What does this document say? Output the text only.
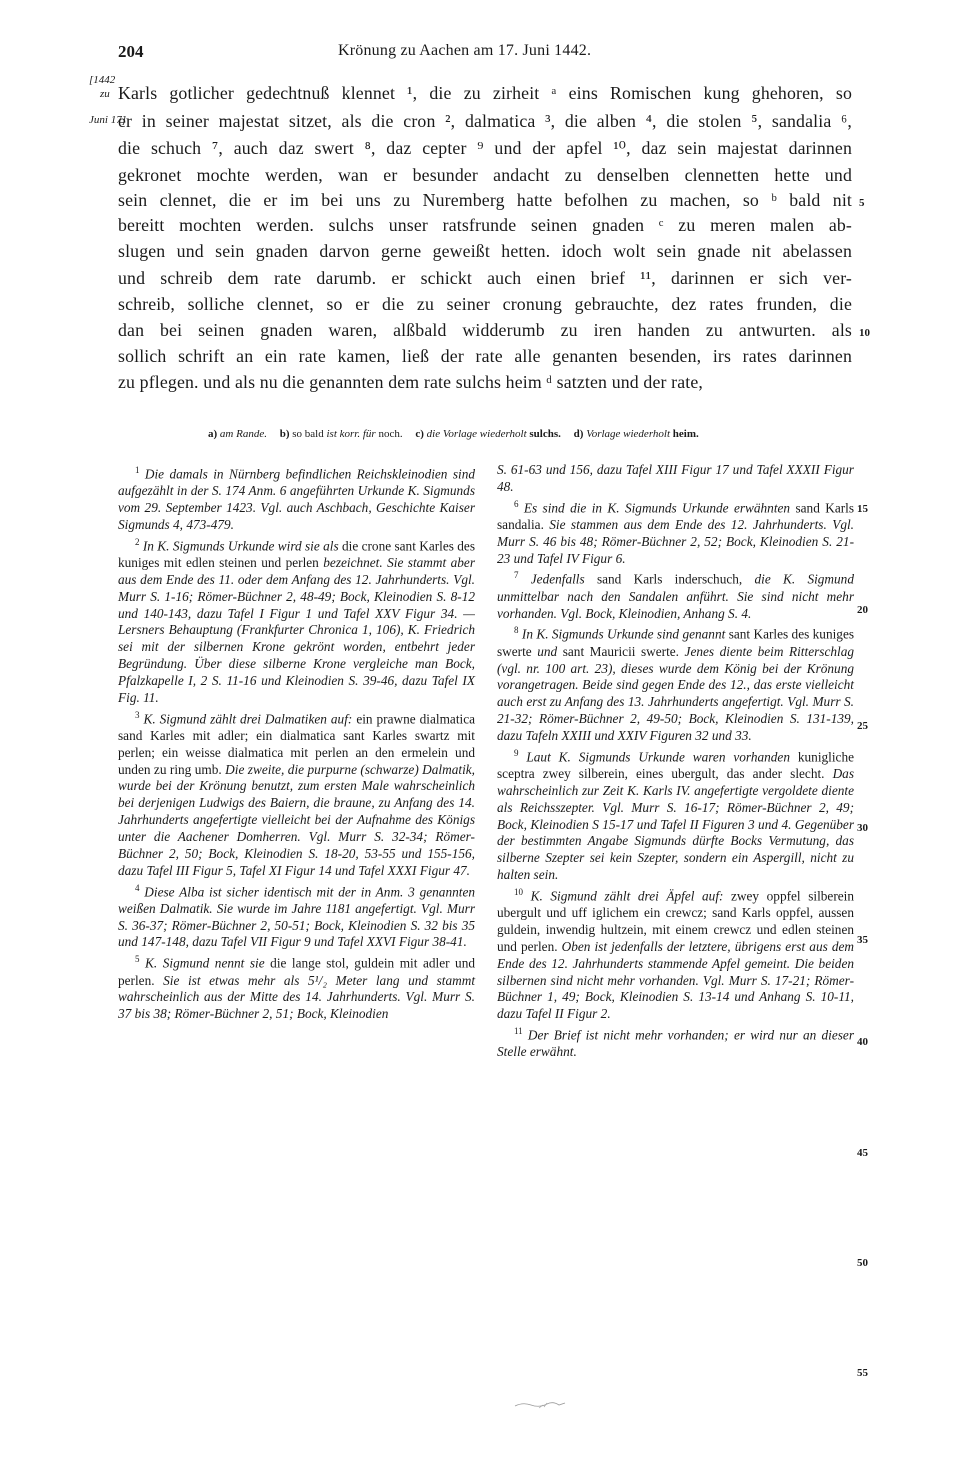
204	Krönung zu Aachen am 17. Juni 1442.
[1442
zu
Juni 17]
Karls gotlicher gedechtnuß klennet ¹, die zu zirheit ᵃ eins Romischen kung ghehoren, so
er in seiner majestat sitzet, als die cron ², dalmatica ³, die alben ⁴, die stolen ⁵, sandalia ⁶,
die schuch ⁷, auch daz swert ⁸, daz cepter ⁹ und der apfel ¹⁰, daz sein majestat darinnen
gekronet mochte werden, wan er besunder andacht zu denselben clennetten hette und
sein clennet, die er im bei uns zu Nuremberg hatte befolhen zu machen, so ᵇ bald nit
bereitt mochten werden. sulchs unser ratsfrunde seinen gnaden ᶜ zu meren malen ab-
slugen und sein gnaden darvon gerne geweißt hetten. idoch wolt sein gnade nit abelassen
und schreib dem rate darumb. er schickt auch einen brief ¹¹, darinnen er sich ver-
schreib, solliche clennet, so er die zu seiner cronung gebrauchte, dez rates frunden, die
dan bei seinen gnaden waren, alßbald widderumb zu iren handen zu antwurten. als
sollich schrift an ein rate kamen, ließ der rate alle genanten besenden, irs rates darinnen
zu pflegen. und als nu die genannten dem rate sulchs heim ᵈ satzten und der rate,
5
10
a) am Rande. b) so bald ist korr. für noch. c) die Vorlage wiederholt sulchs. d) Vorlage wiederholt heim.

$^1$ Die damals in Nürnberg befindlichen Reichskleinodien sind aufgezählt in der S. 174 Anm. 6 angeführten Urkunde K. Sigmunds vom 29. September 1423. Vgl. auch Aschbach, Geschichte Kaiser Sigmunds 4, 473-479.

$^2$ In K. Sigmunds Urkunde wird sie als die crone sant Karles des kuniges mit edlen steinen und perlen bezeichnet. Sie stammt aber aus dem Ende des 11. oder dem Anfang des 12. Jahrhunderts. Vgl. Murr S. 1-16; Römer-Büchner 2, 48-49; Bock, Kleinodien S. 8-12 und 140-143, dazu Tafel I Figur 1 und Tafel XXV Figur 34. — Lersners Behauptung (Frankfurter Chronica 1, 106), K. Friedrich sei mit der silbernen Krone gekrönt worden, entbehrt jeder Begründung. Über diese silberne Krone vergleiche man Bock, Pfalzkapelle I, 2 S. 11-16 und Kleinodien S. 39-46, dazu Tafel IX Fig. 11.

$^3$ K. Sigmund zählt drei Dalmatiken auf: ein prawne dialmatica sand Karles mit adler; ein dialmatica sant Karles swartz mit perlen; ein weisse dialmatica mit perlen an den ermelein und unden zu ring umb. Die zweite, die purpurne (schwarze) Dalmatik, wurde bei der Krönung benutzt, zum ersten Male wahrscheinlich bei derjenigen Ludwigs des Baiern, die braune, zu Anfang des 14. Jahrhunderts angefertigte vielleicht bei der Aufnahme des Königs unter die Aachener Domherren. Vgl. Murr S. 32-34; Römer-Büchner 2, 50; Bock, Kleinodien S. 18-20, 53-55 und 155-156, dazu Tafel III Figur 5, Tafel XI Figur 14 und Tafel XXXI Figur 47.

$^4$ Diese Alba ist sicher identisch mit der in Anm. 3 genannten weißen Dalmatik. Sie wurde im Jahre 1181 angefertigt. Vgl. Murr S. 36-37; Römer-Büchner 2, 50-51; Bock, Kleinodien S. 32 bis 35 und 147-148, dazu Tafel VII Figur 9 und Tafel XXVI Figur 38-41.

$^5$ K. Sigmund nennt sie die lange stol, guldein mit adler und perlen. Sie ist etwas mehr als 5¹/₂ Meter lang und stammt wahrscheinlich aus der Mitte des 14. Jahrhunderts. Vgl. Murr S. 37 bis 38; Römer-Büchner 2, 51; Bock, Kleinodien

S. 61-63 und 156, dazu Tafel XIII Figur 17 und Tafel XXXII Figur 48.

$^6$ Es sind die in K. Sigmunds Urkunde erwähnten sand Karls sandalia. Sie stammen aus dem Ende des 12. Jahrhunderts. Vgl. Murr S. 46 bis 48; Römer-Büchner 2, 52; Bock, Kleinodien S. 21-23 und Tafel IV Figur 6.

$^7$ Jedenfalls sand Karls inderschuch, die K. Sigmund unmittelbar nach den Sandalen anführt. Sie sind nicht mehr vorhanden. Vgl. Bock, Kleinodien, Anhang S. 4.

$^8$ In K. Sigmunds Urkunde sind genannt sant Karles des kuniges swerte und sant Mauricii swerte. Jenes diente beim Ritterschlag (vgl. nr. 100 art. 23), dieses wurde dem König bei der Krönung vorangetragen. Beide sind gegen Ende des 12., das erste vielleicht auch erst zu Anfang des 13. Jahrhunderts angefertigt. Vgl. Murr S. 21-32; Römer-Büchner 2, 49-50; Bock, Kleinodien S. 131-139, dazu Tafeln XXIII und XXIV Figuren 32 und 33.

$^9$ Laut K. Sigmunds Urkunde waren vorhanden kunigliche sceptra zwey silberein, eines ubergult, das ander slecht. Das wahrscheinlich zur Zeit K. Karls IV. angefertigte vergoldete diente als Reichsszepter. Vgl. Murr S. 16-17; Römer-Büchner 2, 49; Bock, Kleinodien S 15-17 und Tafel II Figuren 3 und 4. Gegenüber der bestimmten Angabe Sigmunds dürfte Bocks Vermutung, das silberne Szepter sei kein Szepter, sondern ein Aspergill, nicht zu halten sein.

$^{10}$ K. Sigmund zählt drei Äpfel auf: zwey oppfel silberein ubergult und uff iglichem ein crewcz; sand Karls oppfel, aussen guldein, inwendig hultzein, mit einem crewcz und edlen steinen und perlen. Oben ist jedenfalls der letztere, übrigens erst aus dem Ende des 12. Jahrhunderts stammende Apfel gemeint. Die beiden silbernen sind nicht mehr vorhanden. Vgl. Murr S. 17-21; Römer-Büchner 1, 49; Bock, Kleinodien S. 13-14 und Anhang S. 10-11, dazu Tafel II Figur 2.

$^{11}$ Der Brief ist nicht mehr vorhanden; er wird nur an dieser Stelle erwähnt.

15
20
25
30
35
40
45
50
55
